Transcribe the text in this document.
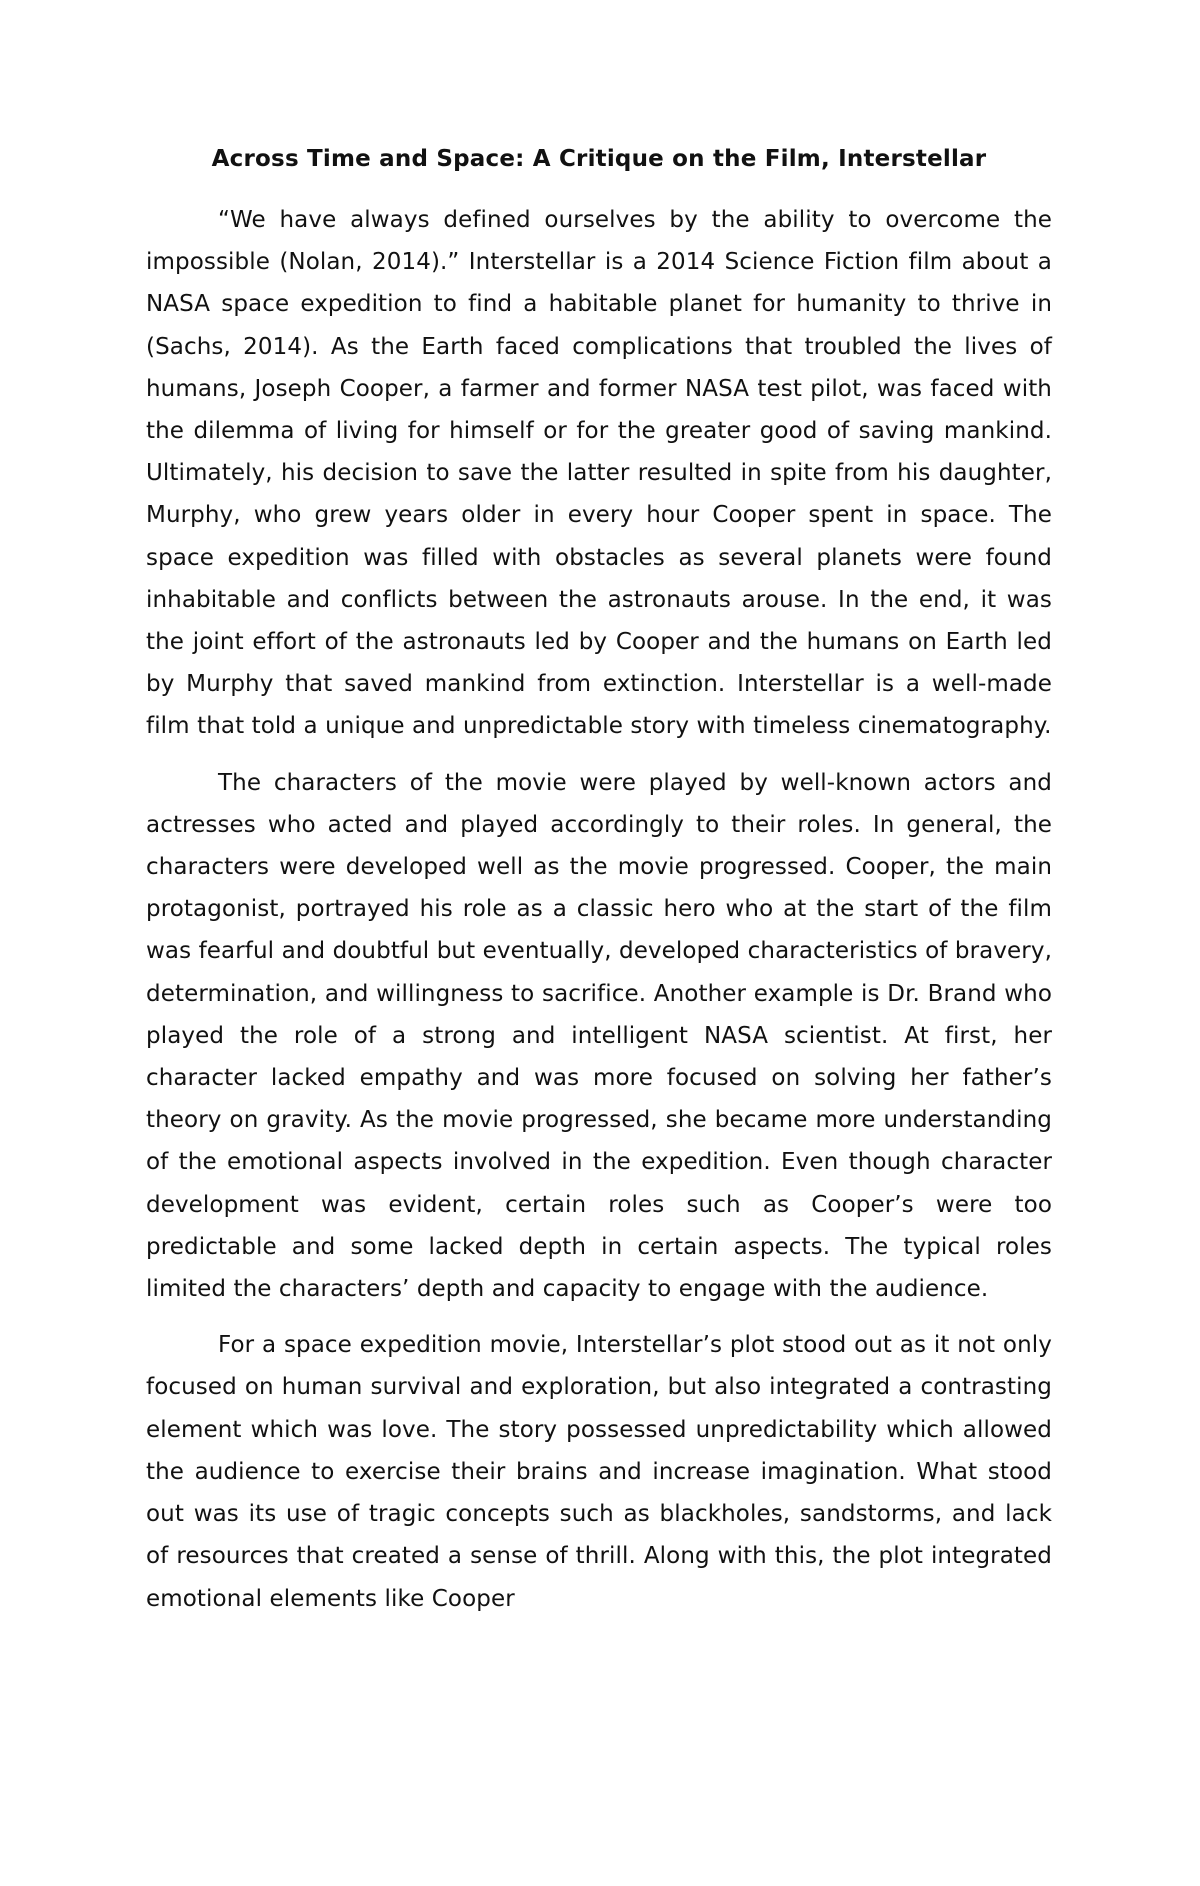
Across Time and Space: A Critique on the Film, Interstellar

“We have always defined ourselves by the ability to overcome the impossible (Nolan, 2014).” Interstellar is a 2014 Science Fiction film about a NASA space expedition to find a habitable planet for humanity to thrive in (Sachs, 2014). As the Earth faced complications that troubled the lives of humans, Joseph Cooper, a farmer and former NASA test pilot, was faced with the dilemma of living for himself or for the greater good of saving mankind. Ultimately, his decision to save the latter resulted in spite from his daughter, Murphy, who grew years older in every hour Cooper spent in space. The space expedition was filled with obstacles as several planets were found inhabitable and conflicts between the astronauts arouse. In the end, it was the joint effort of the astronauts led by Cooper and the humans on Earth led by Murphy that saved mankind from extinction. Interstellar is a well-made film that told a unique and unpredictable story with timeless cinematography.

The characters of the movie were played by well-known actors and actresses who acted and played accordingly to their roles. In general, the characters were developed well as the movie progressed. Cooper, the main protagonist, portrayed his role as a classic hero who at the start of the film was fearful and doubtful but eventually, developed characteristics of bravery, determination, and willingness to sacrifice. Another example is Dr. Brand who played the role of a strong and intelligent NASA scientist. At first, her character lacked empathy and was more focused on solving her father’s theory on gravity. As the movie progressed, she became more understanding of the emotional aspects involved in the expedition. Even though character development was evident, certain roles such as Cooper’s were too predictable and some lacked depth in certain aspects. The typical roles limited the characters’ depth and capacity to engage with the audience.

For a space expedition movie, Interstellar’s plot stood out as it not only focused on human survival and exploration, but also integrated a contrasting element which was love. The story possessed unpredictability which allowed the audience to exercise their brains and increase imagination. What stood out was its use of tragic concepts such as blackholes, sandstorms, and lack of resources that created a sense of thrill. Along with this, the plot integrated emotional elements like Cooper
